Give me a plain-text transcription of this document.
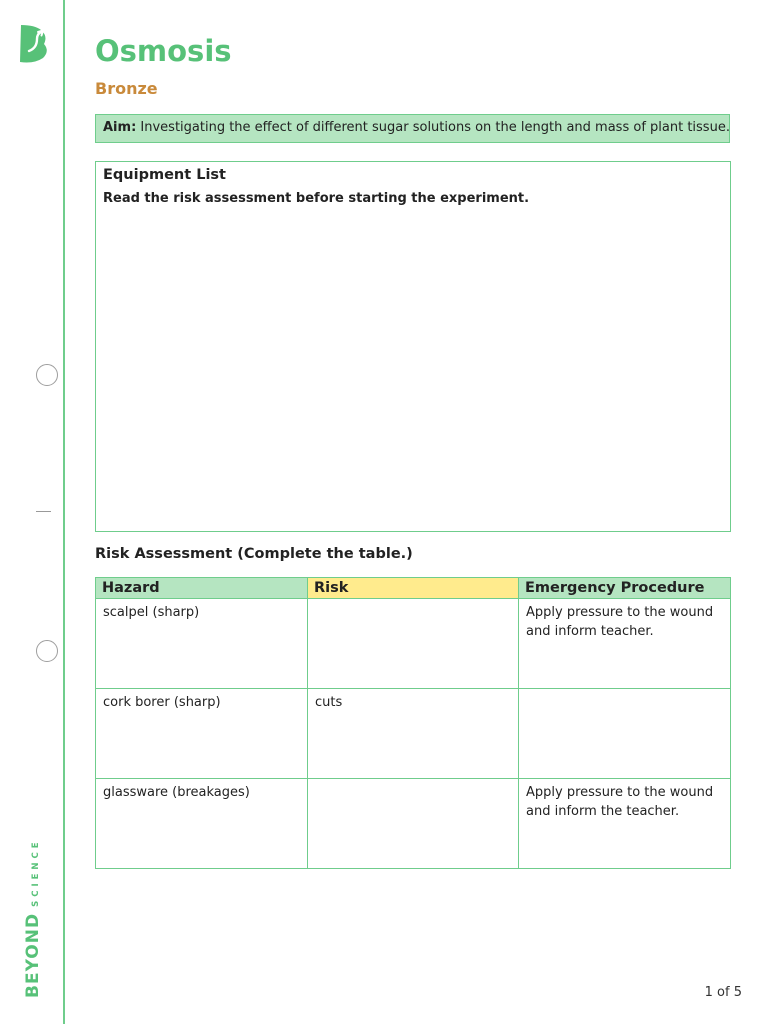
BEYONDSCIENCE
Osmosis
Bronze
Aim: Investigating the effect of different sugar solutions on the length and mass of plant tissue.
Equipment List
Read the risk assessment before starting the experiment.
Risk Assessment (Complete the table.)
Hazard	Risk	Emergency Procedure
scalpel (sharp)		Apply pressure to the wound and inform teacher.
cork borer (sharp)	cuts	
glassware (breakages)		Apply pressure to the wound and inform the teacher.
1 of 5
